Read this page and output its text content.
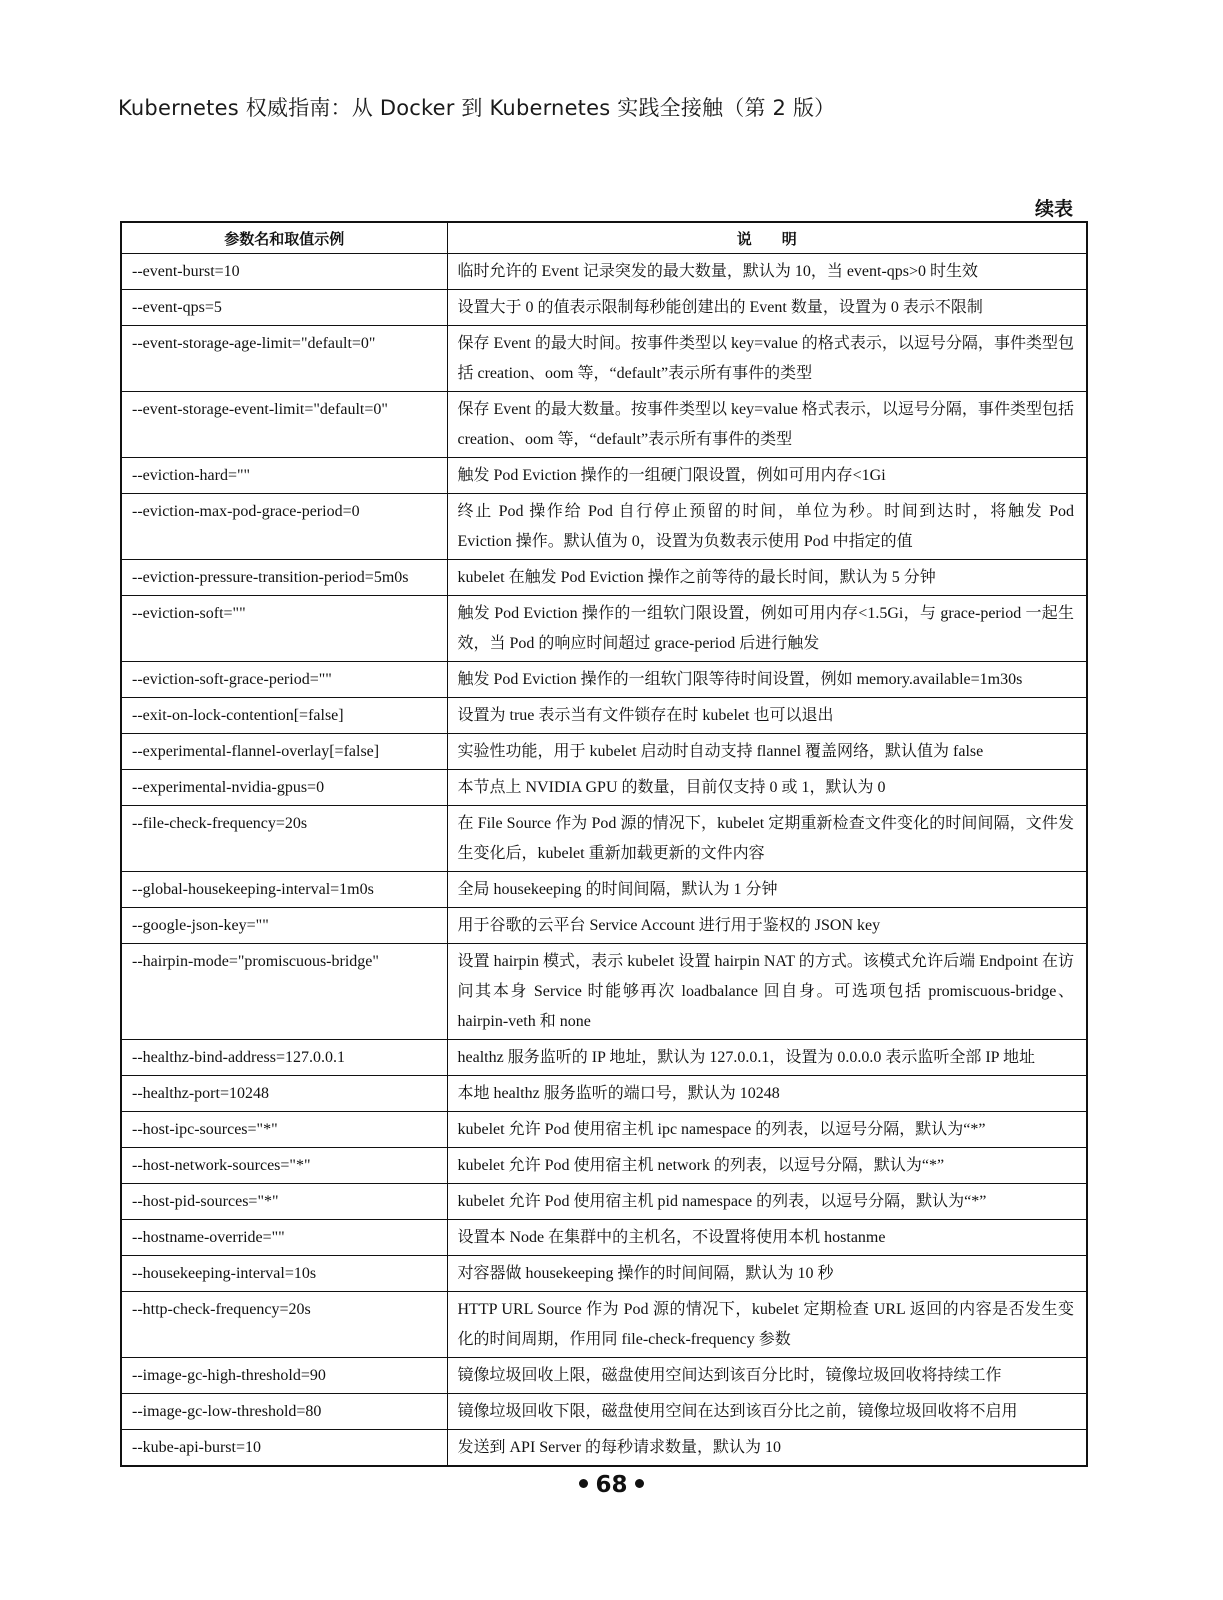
Kubernetes 权威指南：从 Docker 到 Kubernetes 实践全接触（第 2 版）
续表
参数名和取值示例	说　　明
--event-burst=10	临时允许的 Event 记录突发的最大数量，默认为 10，当 event-qps>0 时生效
--event-qps=5	设置大于 0 的值表示限制每秒能创建出的 Event 数量，设置为 0 表示不限制
--event-storage-age-limit="default=0"	保存 Event 的最大时间。按事件类型以 key=value 的格式表示，以逗号分隔，事件类型包括 creation、oom 等，“default”表示所有事件的类型
--event-storage-event-limit="default=0"	保存 Event 的最大数量。按事件类型以 key=value 格式表示，以逗号分隔，事件类型包括 creation、oom 等，“default”表示所有事件的类型
--eviction-hard=""	触发 Pod Eviction 操作的一组硬门限设置，例如可用内存<1Gi
--eviction-max-pod-grace-period=0	终止 Pod 操作给 Pod 自行停止预留的时间，单位为秒。时间到达时，将触发 Pod Eviction 操作。默认值为 0，设置为负数表示使用 Pod 中指定的值
--eviction-pressure-transition-period=5m0s	kubelet 在触发 Pod Eviction 操作之前等待的最长时间，默认为 5 分钟
--eviction-soft=""	触发 Pod Eviction 操作的一组软门限设置，例如可用内存<1.5Gi，与 grace-period 一起生效，当 Pod 的响应时间超过 grace-period 后进行触发
--eviction-soft-grace-period=""	触发 Pod Eviction 操作的一组软门限等待时间设置，例如 memory.available=1m30s
--exit-on-lock-contention[=false]	设置为 true 表示当有文件锁存在时 kubelet 也可以退出
--experimental-flannel-overlay[=false]	实验性功能，用于 kubelet 启动时自动支持 flannel 覆盖网络，默认值为 false
--experimental-nvidia-gpus=0	本节点上 NVIDIA GPU 的数量，目前仅支持 0 或 1，默认为 0
--file-check-frequency=20s	在 File Source 作为 Pod 源的情况下，kubelet 定期重新检查文件变化的时间间隔，文件发生变化后，kubelet 重新加载更新的文件内容
--global-housekeeping-interval=1m0s	全局 housekeeping 的时间间隔，默认为 1 分钟
--google-json-key=""	用于谷歌的云平台 Service Account 进行用于鉴权的 JSON key
--hairpin-mode="promiscuous-bridge"	设置 hairpin 模式，表示 kubelet 设置 hairpin NAT 的方式。该模式允许后端 Endpoint 在访问其本身 Service 时能够再次 loadbalance 回自身。可选项包括 promiscuous-bridge、hairpin-veth 和 none
--healthz-bind-address=127.0.0.1	healthz 服务监听的 IP 地址，默认为 127.0.0.1，设置为 0.0.0.0 表示监听全部 IP 地址
--healthz-port=10248	本地 healthz 服务监听的端口号，默认为 10248
--host-ipc-sources="*"	kubelet 允许 Pod 使用宿主机 ipc namespace 的列表，以逗号分隔，默认为“*”
--host-network-sources="*"	kubelet 允许 Pod 使用宿主机 network 的列表，以逗号分隔，默认为“*”
--host-pid-sources="*"	kubelet 允许 Pod 使用宿主机 pid namespace 的列表，以逗号分隔，默认为“*”
--hostname-override=""	设置本 Node 在集群中的主机名，不设置将使用本机 hostanme
--housekeeping-interval=10s	对容器做 housekeeping 操作的时间间隔，默认为 10 秒
--http-check-frequency=20s	HTTP URL Source 作为 Pod 源的情况下，kubelet 定期检查 URL 返回的内容是否发生变化的时间周期，作用同 file-check-frequency 参数
--image-gc-high-threshold=90	镜像垃圾回收上限，磁盘使用空间达到该百分比时，镜像垃圾回收将持续工作
--image-gc-low-threshold=80	镜像垃圾回收下限，磁盘使用空间在达到该百分比之前，镜像垃圾回收将不启用
--kube-api-burst=10	发送到 API Server 的每秒请求数量，默认为 10
68
